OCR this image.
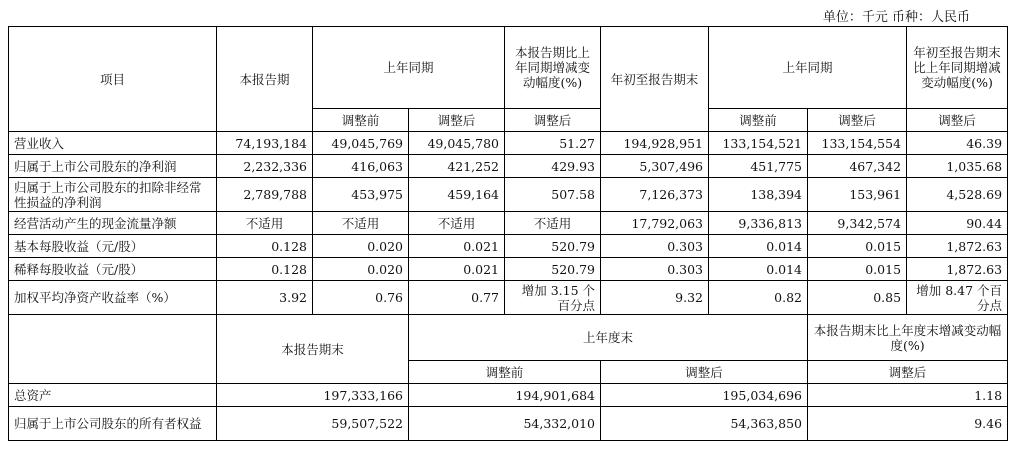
单位：千元 币种：人民币
项目	本报告期	上年同期		本报告期比上年同期增减变动幅度(%)	年初至报告期末	上年同期		年初至报告期末比上年同期增减变动幅度(%)
		调整前	调整后	调整后		调整前	调整后	调整后
营业收入	74,193,184	49,045,769	49,045,780	51.27	194,928,951	133,154,521	133,154,554	46.39
归属于上市公司股东的净利润	2,232,336	416,063	421,252	429.93	5,307,496	451,775	467,342	1,035.68
归属于上市公司股东的扣除非经常性损益的净利润	2,789,788	453,975	459,164	507.58	7,126,373	138,394	153,961	4,528.69
经营活动产生的现金流量净额	不适用	不适用	不适用	不适用	17,792,063	9,336,813	9,342,574	90.44
基本每股收益（元/股）	0.128	0.020	0.021	520.79	0.303	0.014	0.015	1,872.63
稀释每股收益（元/股）	0.128	0.020	0.021	520.79	0.303	0.014	0.015	1,872.63
加权平均净资产收益率（%）	3.92	0.76	0.77	增加 3.15 个百分点	9.32	0.82	0.85	增加 8.47 个百分点
	本报告期末		上年度末				本报告期末比上年度末增减变动幅度(%)	
			调整前		调整后		调整后	
总资产	197,333,166		194,901,684		195,034,696		1.18	
归属于上市公司股东的所有者权益	59,507,522		54,332,010		54,363,850		9.46	
